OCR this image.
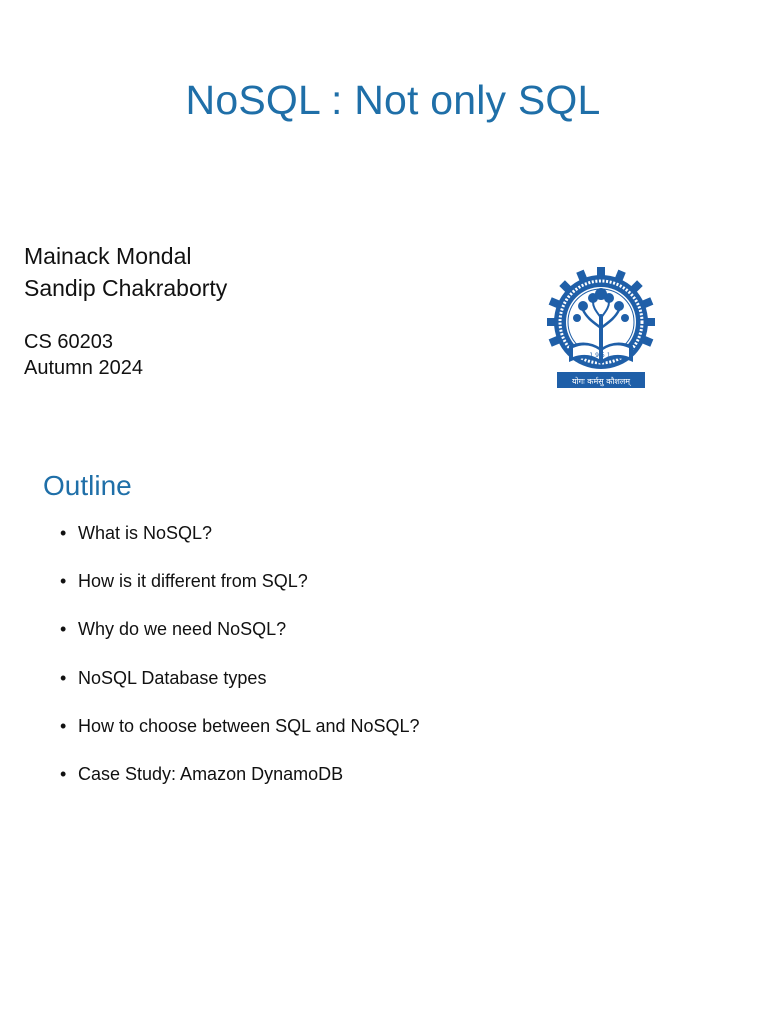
NoSQL : Not only SQL
Mainack Mondal
Sandip Chakraborty
CS 60203
Autumn 2024
1951
योगः कर्मसु कौशलम्
Outline
• What is NoSQL?
• How is it different from SQL?
• Why do we need NoSQL?
• NoSQL Database types
• How to choose between SQL and NoSQL?
• Case Study: Amazon DynamoDB
